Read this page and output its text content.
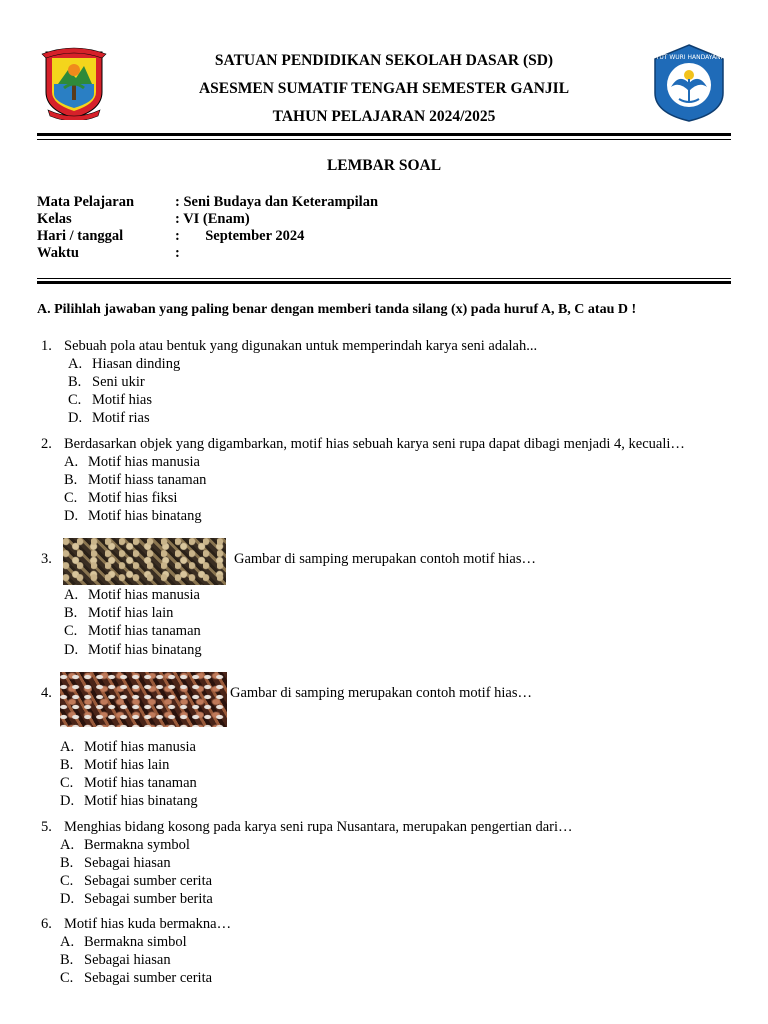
TUT WURI HANDAYANI
SATUAN PENDIDIKAN SEKOLAH DASAR (SD)
ASESMEN SUMATIF TENGAH SEMESTER GANJIL
TAHUN PELAJARAN 2024/2025
LEMBAR SOAL
Mata Pelajaran	: Seni Budaya dan Keterampilan
Kelas	: VI (Enam)
Hari / tanggal	:       September 2024
Waktu	:
A. Pilihlah jawaban yang paling benar dengan memberi tanda silang (x) pada huruf A, B, C atau D !
1. Sebuah pola atau bentuk yang digunakan untuk memperindah karya seni adalah...
A. Hiasan dinding
B. Seni ukir
C. Motif hias
D. Motif rias
2. Berdasarkan objek yang digambarkan, motif hias sebuah karya seni rupa dapat dibagi menjadi 4, kecuali…
A. Motif hias manusia
B. Motif hiass tanaman
C. Motif hias fiksi
D. Motif hias binatang
3.	Gambar di samping merupakan contoh motif hias…
A. Motif hias manusia
B. Motif hias lain
C. Motif hias tanaman
D. Motif hias binatang
4.	Gambar di samping merupakan contoh motif hias…
A. Motif hias manusia
B. Motif hias lain
C. Motif hias tanaman
D. Motif hias binatang
5. Menghias bidang kosong pada karya seni rupa Nusantara, merupakan pengertian dari…
A. Bermakna symbol
B. Sebagai hiasan
C. Sebagai sumber cerita
D. Sebagai sumber berita
6. Motif hias kuda bermakna…
A. Bermakna simbol
B. Sebagai hiasan
C. Sebagai sumber cerita
